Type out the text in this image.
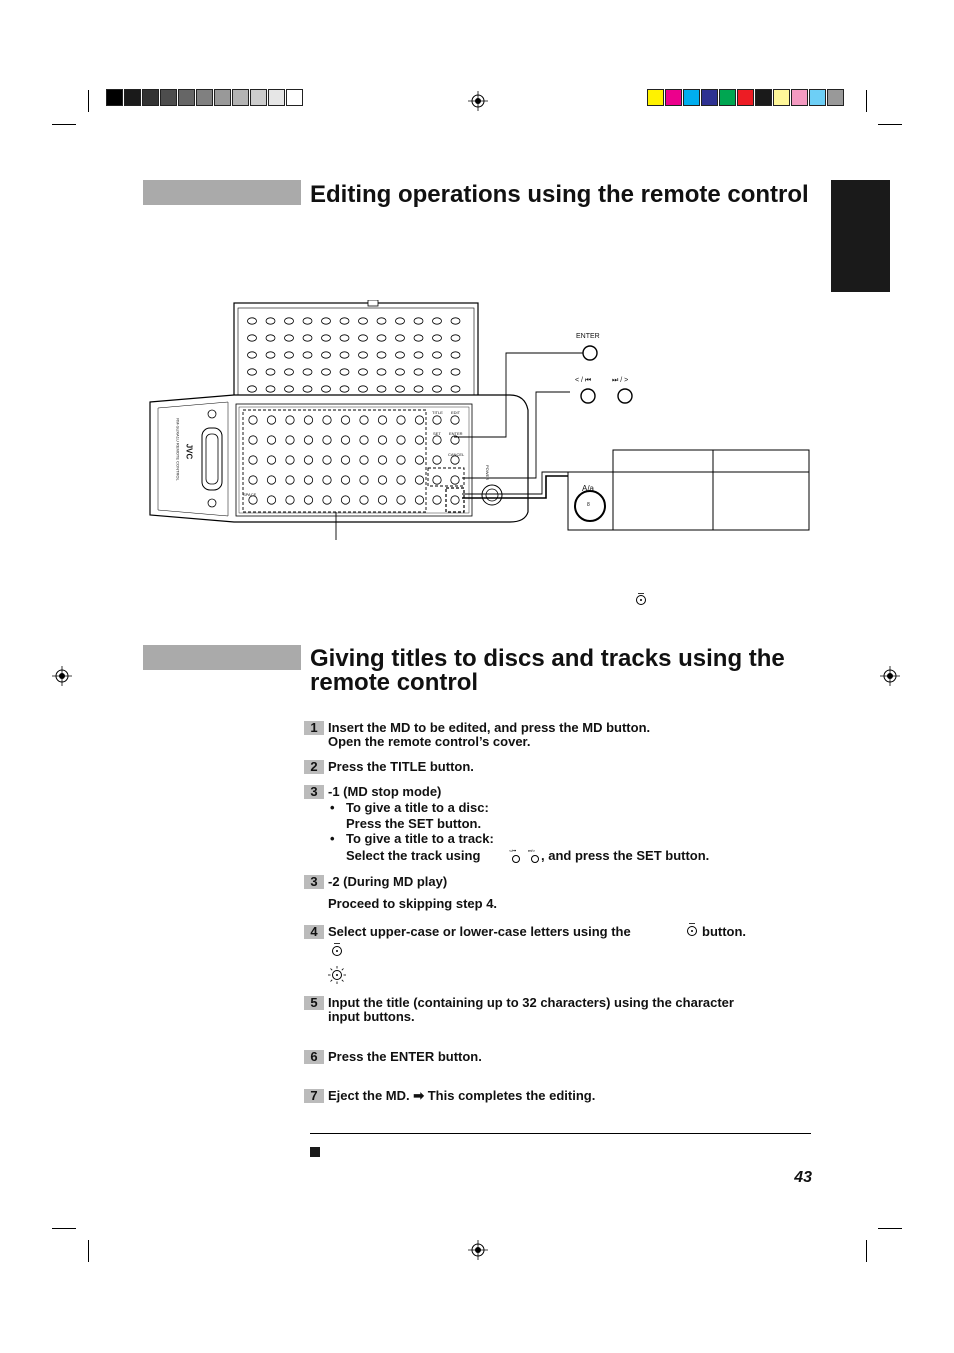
Editing operations using the remote control
ENTER
< / ⏮	⏭ / >
A/a
8
JVC
RM-SUXA1U REMOTE CONTROL
TITLE EDIT
SET ENTER
CANCEL
SPACE
POWER
Giving titles to discs and tracks using the remote control
1 Insert the MD to be edited, and press the MD button.
Open the remote control’s cover.
2 Press the TITLE button.
3 -1 (MD stop mode)
• To give a title to a disc:
Press the SET button.
• To give a title to a track:
Select the track using	</⏮	⏭/> , and press the SET button.
3 -2 (During MD play)
Proceed to skipping step 4.
4 Select upper-case or lower-case letters using the	button.
5 Input the title (containing up to 32 characters) using the character
input buttons.
6 Press the ENTER button.
7 Eject the MD. ➡ This completes the editing.
43
